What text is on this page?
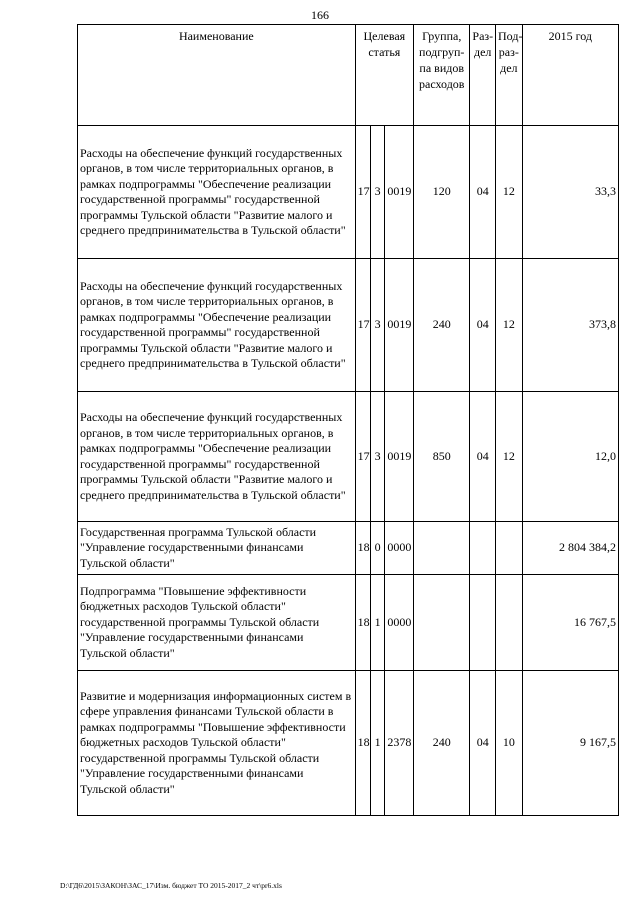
166
Наименование	Целевая статья			Группа, подгруп-па видов расходов	Раз-дел	Под-раз-дел	2015 год
Расходы на обеспечение функций государственных органов, в том числе территориальных органов, в рамках подпрограммы "Обеспечение реализации государственной программы" государственной программы Тульской области "Развитие малого и среднего предпринимательства в Тульской области"	17	3	0019	120	04	12	33,3
Расходы на обеспечение функций государственных органов, в том числе территориальных органов, в рамках подпрограммы "Обеспечение реализации государственной программы" государственной программы Тульской области "Развитие малого и среднего предпринимательства в Тульской области"	17	3	0019	240	04	12	373,8
Расходы на обеспечение функций государственных органов, в том числе территориальных органов, в рамках подпрограммы "Обеспечение реализации государственной программы" государственной программы Тульской области "Развитие малого и среднего предпринимательства в Тульской области"	17	3	0019	850	04	12	12,0
Государственная программа Тульской области "Управление государственными финансами Тульской области"	18	0	0000				2 804 384,2
Подпрограмма "Повышение эффективности бюджетных расходов Тульской области" государственной программы Тульской области "Управление государственными финансами Тульской области"	18	1	0000				16 767,5
Развитие и модернизация информационных систем в сфере управления финансами Тульской области в рамках подпрограммы "Повышение эффективности бюджетных расходов Тульской области" государственной программы Тульской области "Управление государственными финансами Тульской области"	18	1	2378	240	04	10	9 167,5
D:\ГД6\2015\ЗАКОН\ЗАС_17\Изм. бюджет ТО 2015-2017_2 чт\pr6.xls
